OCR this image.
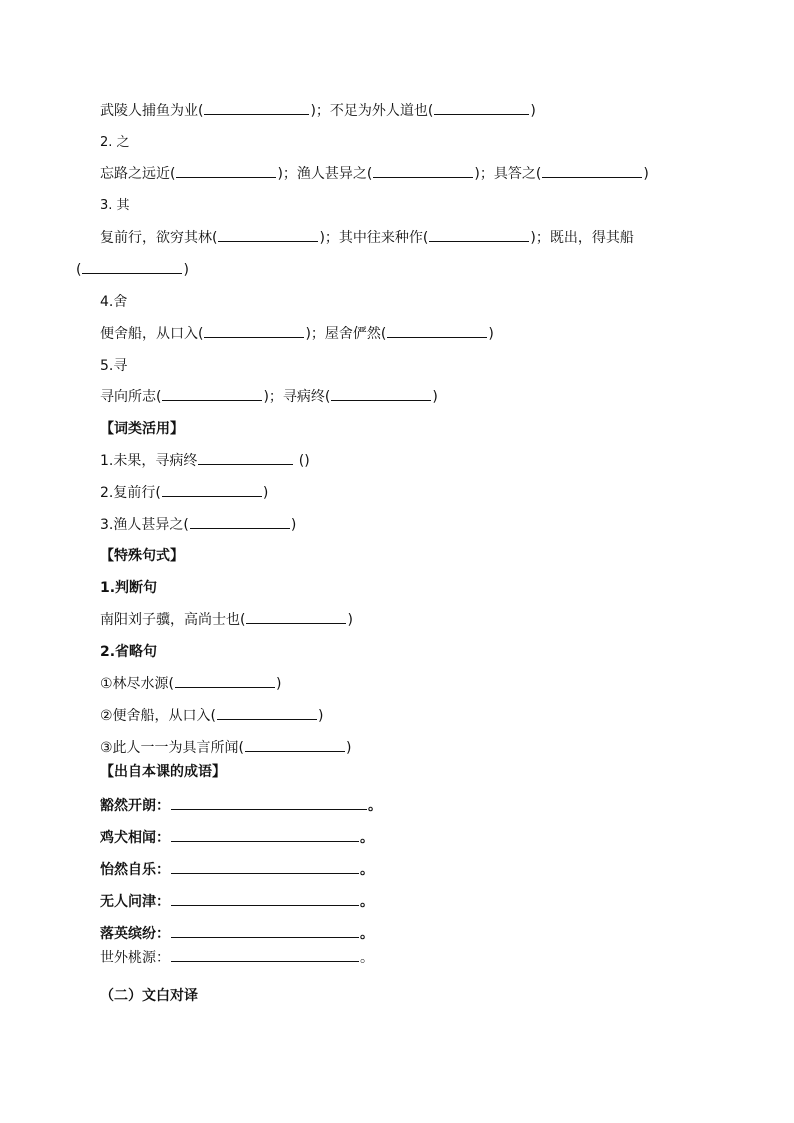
武陵人捕鱼为业(	)；不足为外人道也(	)
2. 之
忘路之远近(	)；渔人甚异之(	)；具答之(	)
3. 其
复前行，欲穷其林(	)；其中往来种作(	)；既出，得其船
(	)
4.舍
便舍船，从口入(	)；屋舍俨然(	)
5.寻
寻向所志(	)；寻病终(	)
【词类活用】
1.未果，寻病终	()
2.复前行(	)
3.渔人甚异之(	)
【特殊句式】
1.判断句
南阳刘子骥，高尚士也(	)
2.省略句
①林尽水源(	)
②便舍船，从口入(	)
③此人一一为具言所闻(	)
【出自本课的成语】
豁然开朗：	。
鸡犬相闻：	。
怡然自乐：	。
无人问津：	。
落英缤纷：	。
世外桃源：	。
（二）文白对译
